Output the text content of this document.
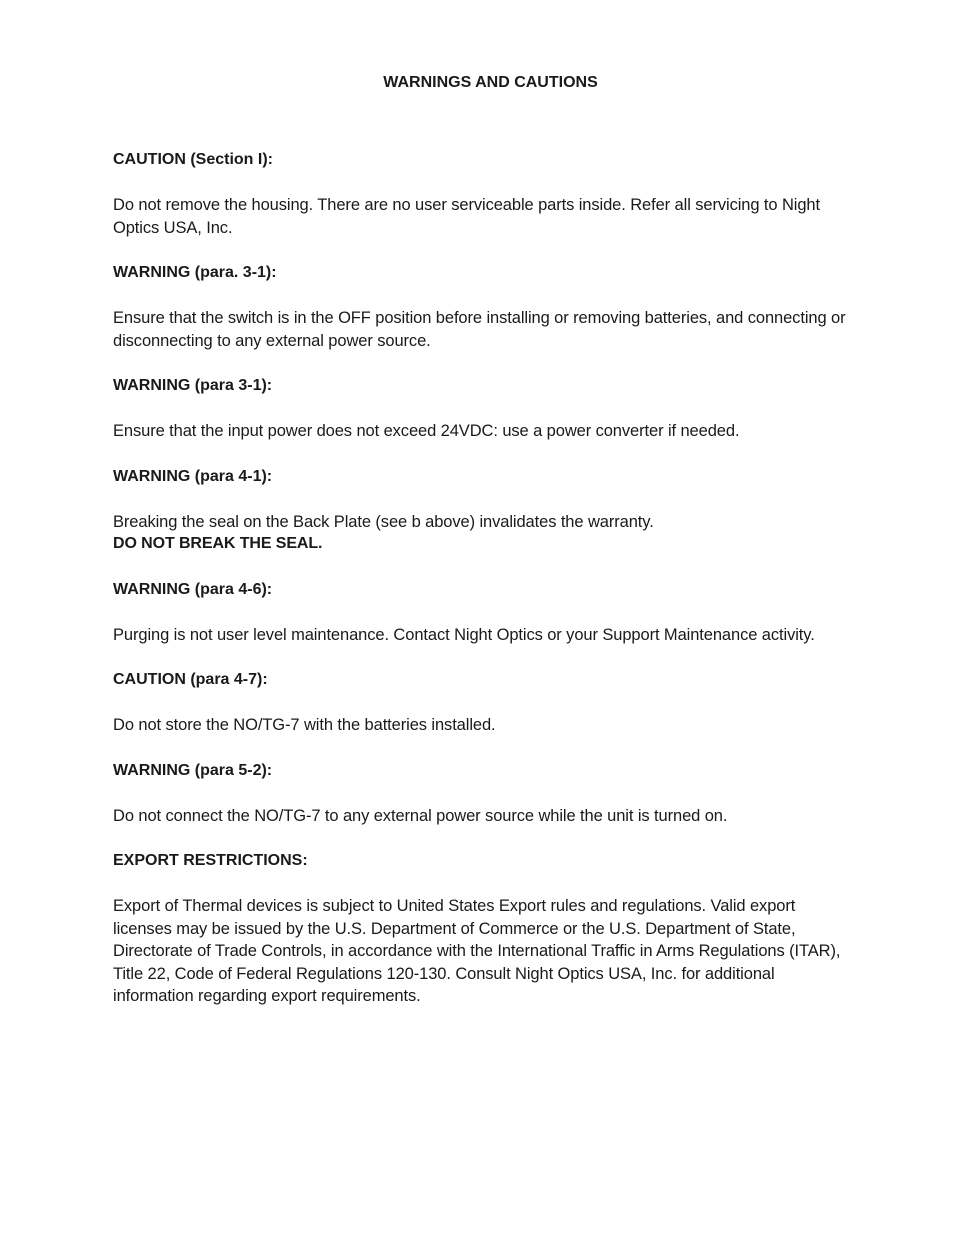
WARNINGS AND CAUTIONS

CAUTION (Section I):

Do not remove the housing. There are no user serviceable parts inside. Refer all servicing to Night Optics USA, Inc.

WARNING (para. 3-1):

Ensure that the switch is in the OFF position before installing or removing batteries, and connecting or disconnecting to any external power source.

WARNING (para 3-1):

Ensure that the input power does not exceed 24VDC: use a power converter if needed.

WARNING (para 4-1):

Breaking the seal on the Back Plate (see b above) invalidates the warranty.
DO NOT BREAK THE SEAL.

WARNING (para 4-6):

Purging is not user level maintenance. Contact Night Optics or your Support Maintenance activity.

CAUTION (para 4-7):

Do not store the NO/TG-7 with the batteries installed.

WARNING (para 5-2):

Do not connect the NO/TG-7 to any external power source while the unit is turned on.

EXPORT RESTRICTIONS:

Export of Thermal devices is subject to United States Export rules and regulations. Valid export licenses may be issued by the U.S. Department of Commerce or the U.S. Department of State, Directorate of Trade Controls, in accordance with the International Traffic in Arms Regulations (ITAR), Title 22, Code of Federal Regulations 120-130. Consult Night Optics USA, Inc. for additional information regarding export requirements.
